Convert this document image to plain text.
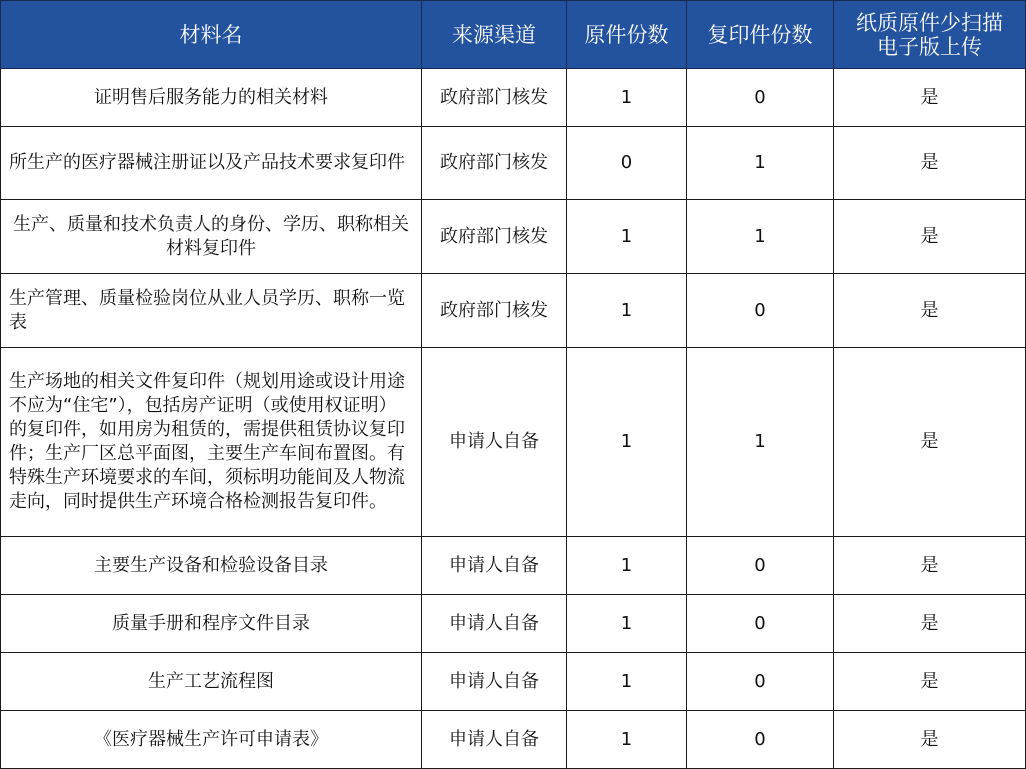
材料名	来源渠道	原件份数	复印件份数	纸质原件少扫描电子版上传
证明售后服务能力的相关材料	政府部门核发	1	0	是
所生产的医疗器械注册证以及产品技术要求复印件	政府部门核发	0	1	是
生产、质量和技术负责人的身份、学历、职称相关材料复印件	政府部门核发	1	1	是
生产管理、质量检验岗位从业人员学历、职称一览表	政府部门核发	1	0	是
生产场地的相关文件复印件（规划用途或设计用途不应为“住宅”），包括房产证明（或使用权证明）的复印件，如用房为租赁的，需提供租赁协议复印件；生产厂区总平面图，主要生产车间布置图。有特殊生产环境要求的车间，须标明功能间及人物流走向，同时提供生产环境合格检测报告复印件。	申请人自备	1	1	是
主要生产设备和检验设备目录	申请人自备	1	0	是
质量手册和程序文件目录	申请人自备	1	0	是
生产工艺流程图	申请人自备	1	0	是
《医疗器械生产许可申请表》	申请人自备	1	0	是
